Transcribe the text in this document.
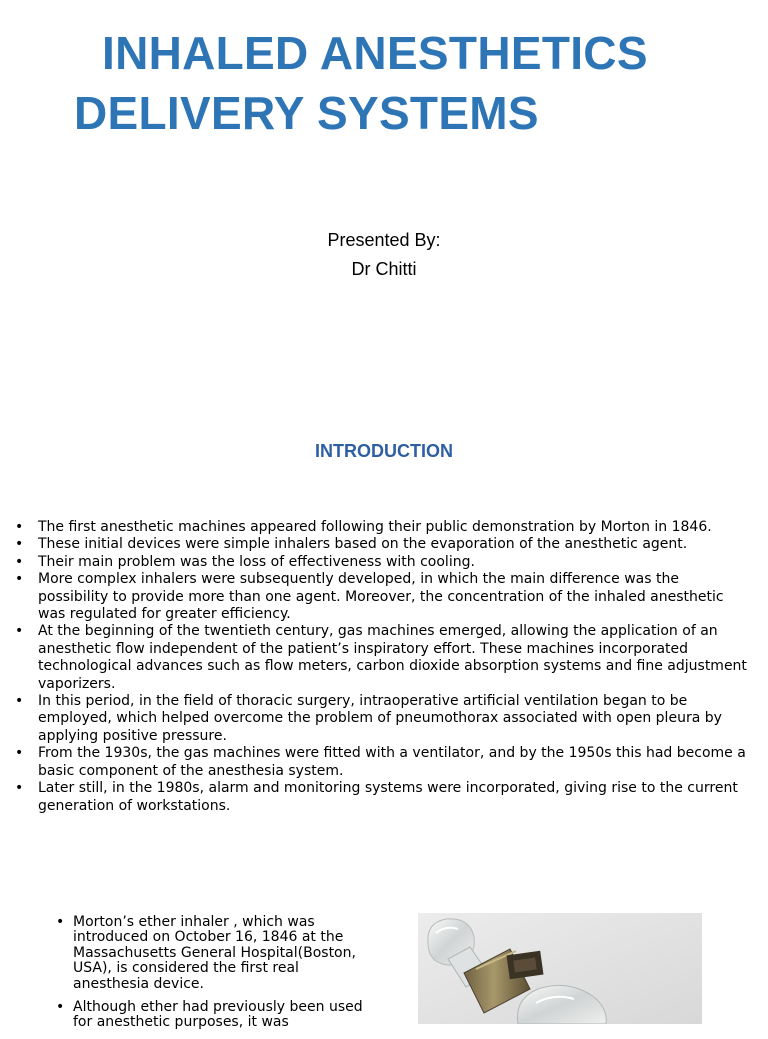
INHALED ANESTHETICS
DELIVERY SYSTEMS
Presented By:
Dr Chitti
INTRODUCTION
• The first anesthetic machines appeared following their public demonstration by Morton in 1846.
• These initial devices were simple inhalers based on the evaporation of the anesthetic agent.
• Their main problem was the loss of effectiveness with cooling.
• More complex inhalers were subsequently developed, in which the main difference was the possibility to provide more than one agent. Moreover, the concentration of the inhaled anesthetic was regulated for greater efficiency.
• At the beginning of the twentieth century, gas machines emerged, allowing the application of an anesthetic flow independent of the patient’s inspiratory effort. These machines incorporated technological advances such as flow meters, carbon dioxide absorption systems and fine adjustment vaporizers.
• In this period, in the field of thoracic surgery, intraoperative artificial ventilation began to be employed, which helped overcome the problem of pneumothorax associated with open pleura by applying positive pressure.
• From the 1930s, the gas machines were fitted with a ventilator, and by the 1950s this had become a basic component of the anesthesia system.
• Later still, in the 1980s, alarm and monitoring systems were incorporated, giving rise to the current generation of workstations.
• Morton’s ether inhaler , which was introduced on October 16, 1846 at the Massachusetts General Hospital(Boston, USA), is considered the first real anesthesia device.
• Although ether had previously been used for anesthetic purposes, it was
